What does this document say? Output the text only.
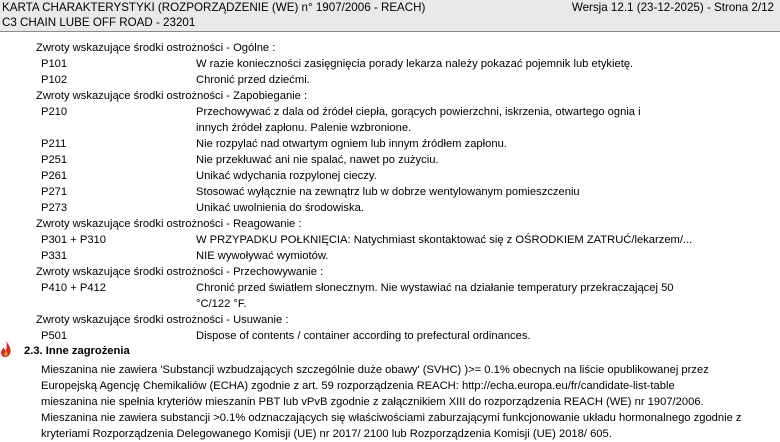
KARTA CHARAKTERYSTYKI (ROZPORZĄDZENIE (WE) n° 1907/2006 - REACH)
C3 CHAIN LUBE OFF ROAD - 23201
Wersja 12.1 (23-12-2025) - Strona 2/12
Zwroty wskazujące środki ostrożności - Ogólne :
P101	W razie konieczności zasięgnięcia porady lekarza należy pokazać pojemnik lub etykietę.
P102	Chronić przed dziećmi.
Zwroty wskazujące środki ostrożności - Zapobieganie :
P210	Przechowywać z dala od źródeł ciepła, gorących powierzchni, iskrzenia, otwartego ognia i
innych źródeł zapłonu. Palenie wzbronione.
P211	Nie rozpylać nad otwartym ogniem lub innym źródłem zapłonu.
P251	Nie przekłuwać ani nie spalać, nawet po zużyciu.
P261	Unikać wdychania rozpylonej cieczy.
P271	Stosować wyłącznie na zewnątrz lub w dobrze wentylowanym pomieszczeniu
P273	Unikać uwolnienia do środowiska.
Zwroty wskazujące środki ostrożności - Reagowanie :
P301 + P310	W PRZYPADKU POŁKNIĘCIA: Natychmiast skontaktować się z OŚRODKIEM ZATRUĆ/lekarzem/...
P331	NIE wywoływać wymiotów.
Zwroty wskazujące środki ostrożności - Przechowywanie :
P410 + P412	Chronić przed światłem słonecznym. Nie wystawiać na działanie temperatury przekraczającej 50
°C/122 °F.
Zwroty wskazujące środki ostrożności - Usuwanie :
P501	Dispose of contents / container according to prefectural ordinances.
2.3. Inne zagrożenia
Mieszanina nie zawiera 'Substancji wzbudzających szczególnie duże obawy' (SVHC) )>= 0.1% obecnych na liście opublikowanej przez
Europejską Agencję Chemikaliów (ECHA) zgodnie z art. 59 rozporządzenia REACH: http://echa.europa.eu/fr/candidate-list-table
mieszanina nie spełnia kryteriów mieszanin PBT lub vPvB zgodnie z załącznikiem XIII do rozporządzenia REACH (WE) nr 1907/2006.
Mieszanina nie zawiera substancji >0.1% odznaczających się właściwościami zaburzającymi funkcjonowanie układu hormonalnego zgodnie z
kryteriami Rozporządzenia Delegowanego Komisji (UE) nr 2017/ 2100 lub Rozporządzenia Komisji (UE) 2018/ 605.
